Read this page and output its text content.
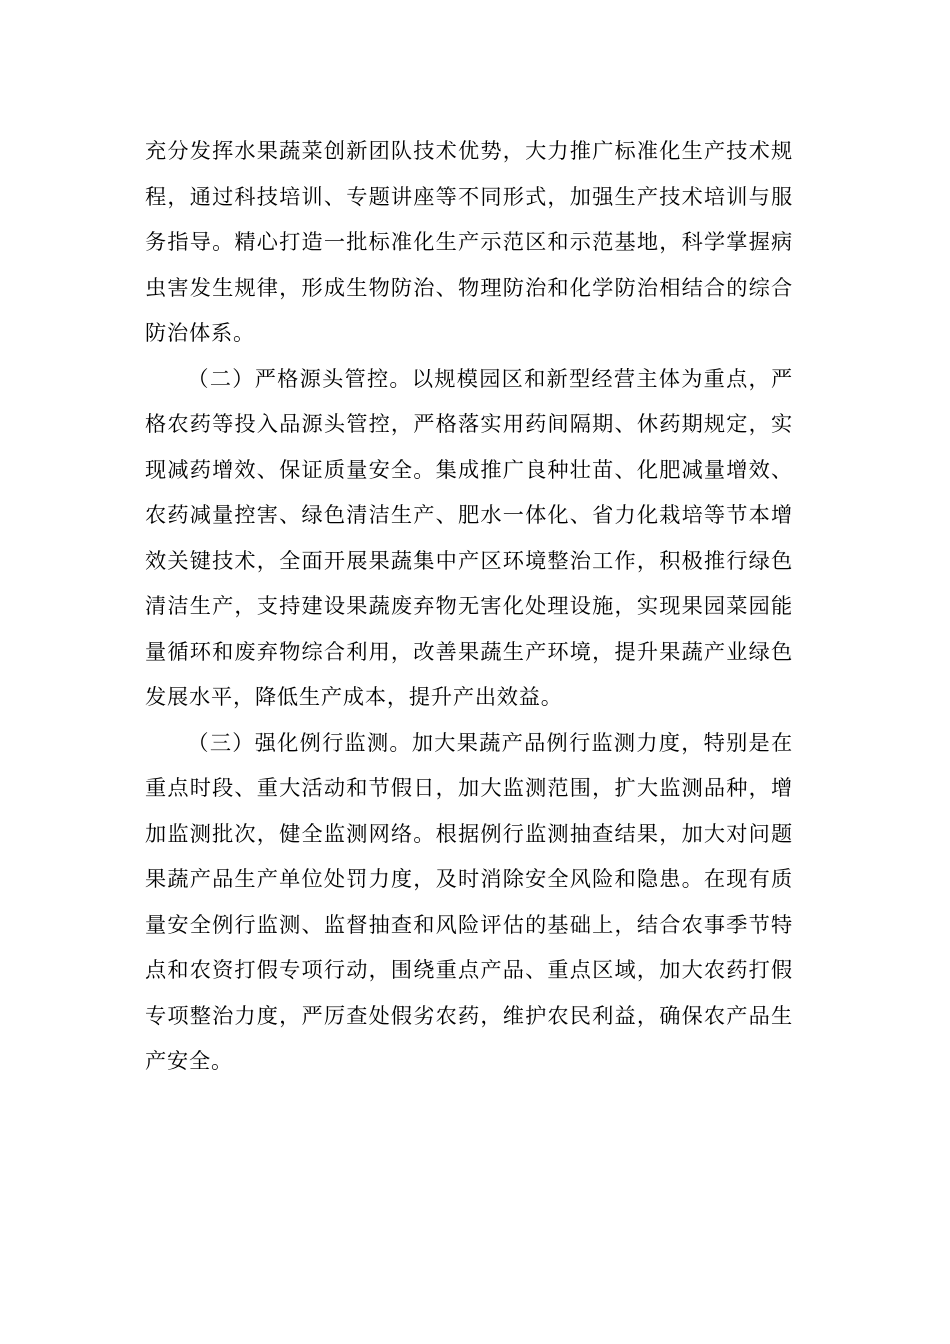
充分发挥水果蔬菜创新团队技术优势，大力推广标准化生产技术规程，通过科技培训、专题讲座等不同形式，加强生产技术培训与服务指导。精心打造一批标准化生产示范区和示范基地，科学掌握病虫害发生规律，形成生物防治、物理防治和化学防治相结合的综合防治体系。

（二）严格源头管控。以规模园区和新型经营主体为重点，严格农药等投入品源头管控，严格落实用药间隔期、休药期规定，实现减药增效、保证质量安全。集成推广良种壮苗、化肥减量增效、农药减量控害、绿色清洁生产、肥水一体化、省力化栽培等节本增效关键技术，全面开展果蔬集中产区环境整治工作，积极推行绿色清洁生产，支持建设果蔬废弃物无害化处理设施，实现果园菜园能量循环和废弃物综合利用，改善果蔬生产环境，提升果蔬产业绿色发展水平，降低生产成本，提升产出效益。

（三）强化例行监测。加大果蔬产品例行监测力度，特别是在重点时段、重大活动和节假日，加大监测范围，扩大监测品种，增加监测批次，健全监测网络。根据例行监测抽查结果，加大对问题果蔬产品生产单位处罚力度，及时消除安全风险和隐患。在现有质量安全例行监测、监督抽查和风险评估的基础上，结合农事季节特点和农资打假专项行动，围绕重点产品、重点区域，加大农药打假专项整治力度，严厉查处假劣农药，维护农民利益，确保农产品生产安全。
